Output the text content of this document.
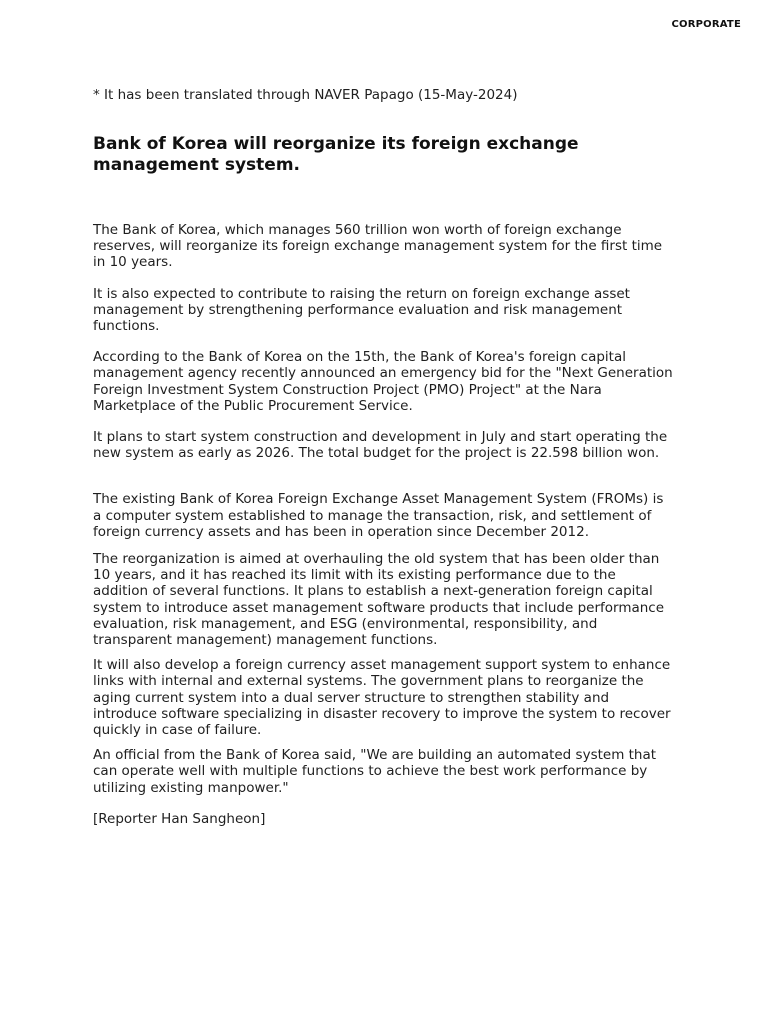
CORPORATE

* It has been translated through NAVER Papago (15-May-2024)

Bank of Korea will reorganize its foreign exchange management system.

The Bank of Korea, which manages 560 trillion won worth of foreign exchange reserves, will reorganize its foreign exchange management system for the first time in 10 years.

It is also expected to contribute to raising the return on foreign exchange asset management by strengthening performance evaluation and risk management functions.

According to the Bank of Korea on the 15th, the Bank of Korea's foreign capital management agency recently announced an emergency bid for the "Next Generation Foreign Investment System Construction Project (PMO) Project" at the Nara Marketplace of the Public Procurement Service.

It plans to start system construction and development in July and start operating the new system as early as 2026. The total budget for the project is 22.598 billion won.

The existing Bank of Korea Foreign Exchange Asset Management System (FROMs) is a computer system established to manage the transaction, risk, and settlement of foreign currency assets and has been in operation since December 2012.

The reorganization is aimed at overhauling the old system that has been older than 10 years, and it has reached its limit with its existing performance due to the addition of several functions. It plans to establish a next-generation foreign capital system to introduce asset management software products that include performance evaluation, risk management, and ESG (environmental, responsibility, and transparent management) management functions.

It will also develop a foreign currency asset management support system to enhance links with internal and external systems. The government plans to reorganize the aging current system into a dual server structure to strengthen stability and introduce software specializing in disaster recovery to improve the system to recover quickly in case of failure.

An official from the Bank of Korea said, "We are building an automated system that can operate well with multiple functions to achieve the best work performance by utilizing existing manpower."

[Reporter Han Sangheon]
